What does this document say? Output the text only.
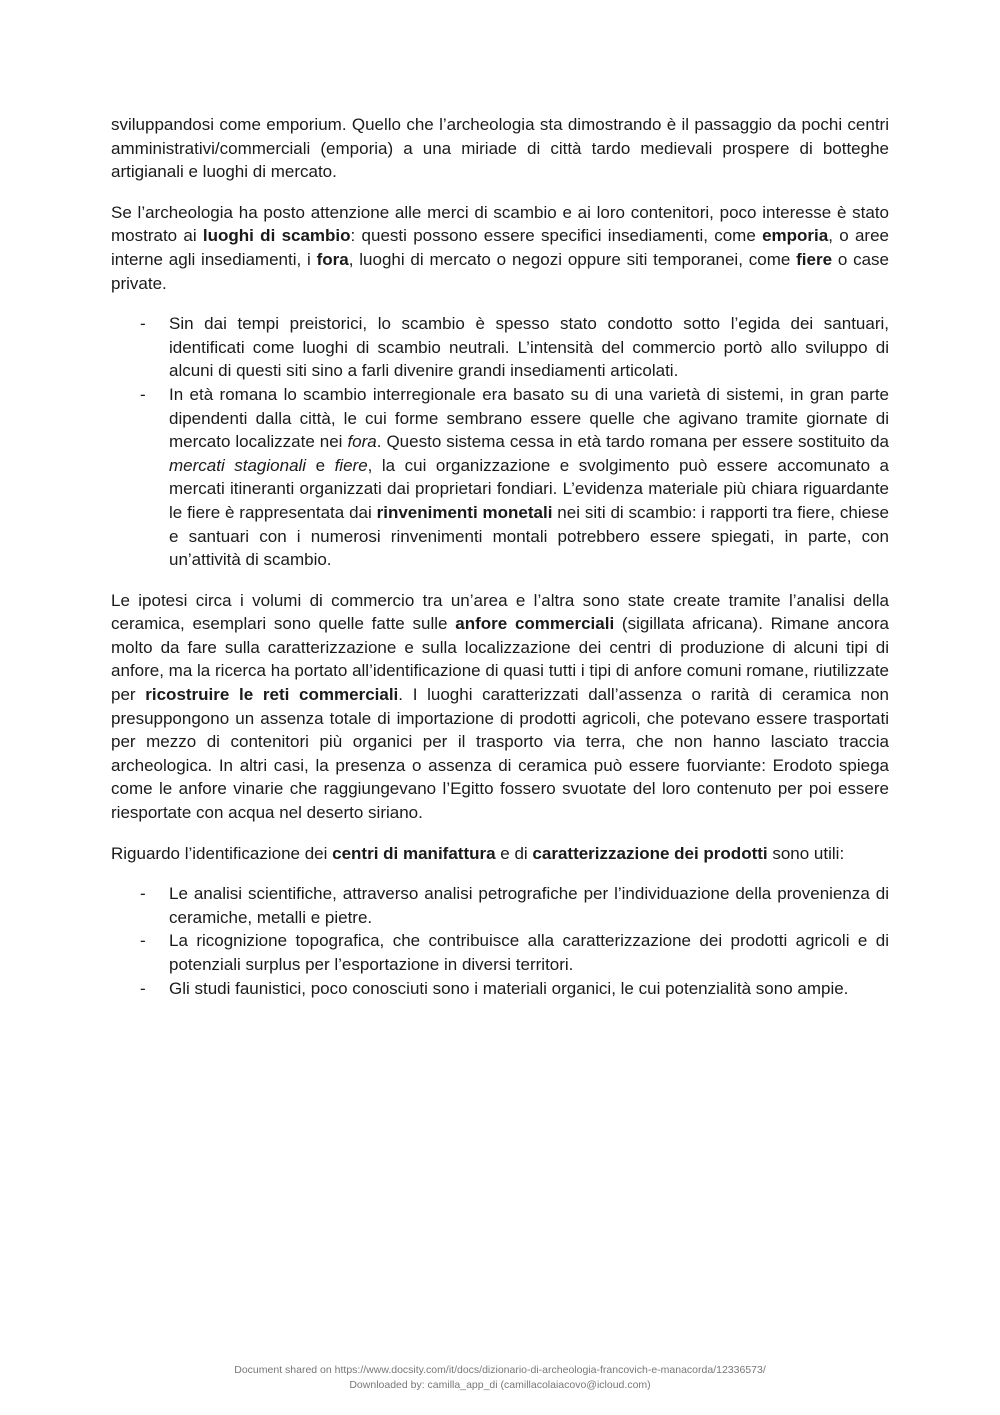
sviluppandosi come emporium. Quello che l’archeologia sta dimostrando è il passaggio da pochi centri amministrativi/commerciali (emporia) a una miriade di città tardo medievali prospere di botteghe artigianali e luoghi di mercato.

Se l’archeologia ha posto attenzione alle merci di scambio e ai loro contenitori, poco interesse è stato mostrato ai luoghi di scambio: questi possono essere specifici insediamenti, come emporia, o aree interne agli insediamenti, i fora, luoghi di mercato o negozi oppure siti temporanei, come fiere o case private.

- Sin dai tempi preistorici, lo scambio è spesso stato condotto sotto l’egida dei santuari, identificati come luoghi di scambio neutrali. L’intensità del commercio portò allo sviluppo di alcuni di questi siti sino a farli divenire grandi insediamenti articolati.
- In età romana lo scambio interregionale era basato su di una varietà di sistemi, in gran parte dipendenti dalla città, le cui forme sembrano essere quelle che agivano tramite giornate di mercato localizzate nei fora. Questo sistema cessa in età tardo romana per essere sostituito da mercati stagionali e fiere, la cui organizzazione e svolgimento può essere accomunato a mercati itineranti organizzati dai proprietari fondiari. L’evidenza materiale più chiara riguardante le fiere è rappresentata dai rinvenimenti monetali nei siti di scambio: i rapporti tra fiere, chiese e santuari con i numerosi rinvenimenti montali potrebbero essere spiegati, in parte, con un’attività di scambio.

Le ipotesi circa i volumi di commercio tra un’area e l’altra sono state create tramite l’analisi della ceramica, esemplari sono quelle fatte sulle anfore commerciali (sigillata africana). Rimane ancora molto da fare sulla caratterizzazione e sulla localizzazione dei centri di produzione di alcuni tipi di anfore, ma la ricerca ha portato all’identificazione di quasi tutti i tipi di anfore comuni romane, riutilizzate per ricostruire le reti commerciali. I luoghi caratterizzati dall’assenza o rarità di ceramica non presuppongono un assenza totale di importazione di prodotti agricoli, che potevano essere trasportati per mezzo di contenitori più organici per il trasporto via terra, che non hanno lasciato traccia archeologica. In altri casi, la presenza o assenza di ceramica può essere fuorviante: Erodoto spiega come le anfore vinarie che raggiungevano l’Egitto fossero svuotate del loro contenuto per poi essere riesportate con acqua nel deserto siriano.

Riguardo l’identificazione dei centri di manifattura e di caratterizzazione dei prodotti sono utili:

- Le analisi scientifiche, attraverso analisi petrografiche per l’individuazione della provenienza di ceramiche, metalli e pietre.
- La ricognizione topografica, che contribuisce alla caratterizzazione dei prodotti agricoli e di potenziali surplus per l’esportazione in diversi territori.
- Gli studi faunistici, poco conosciuti sono i materiali organici, le cui potenzialità sono ampie.
Document shared on https://www.docsity.com/it/docs/dizionario-di-archeologia-francovich-e-manacorda/12336573/
Downloaded by: camilla_app_di (camillacolaiacovo@icloud.com)
